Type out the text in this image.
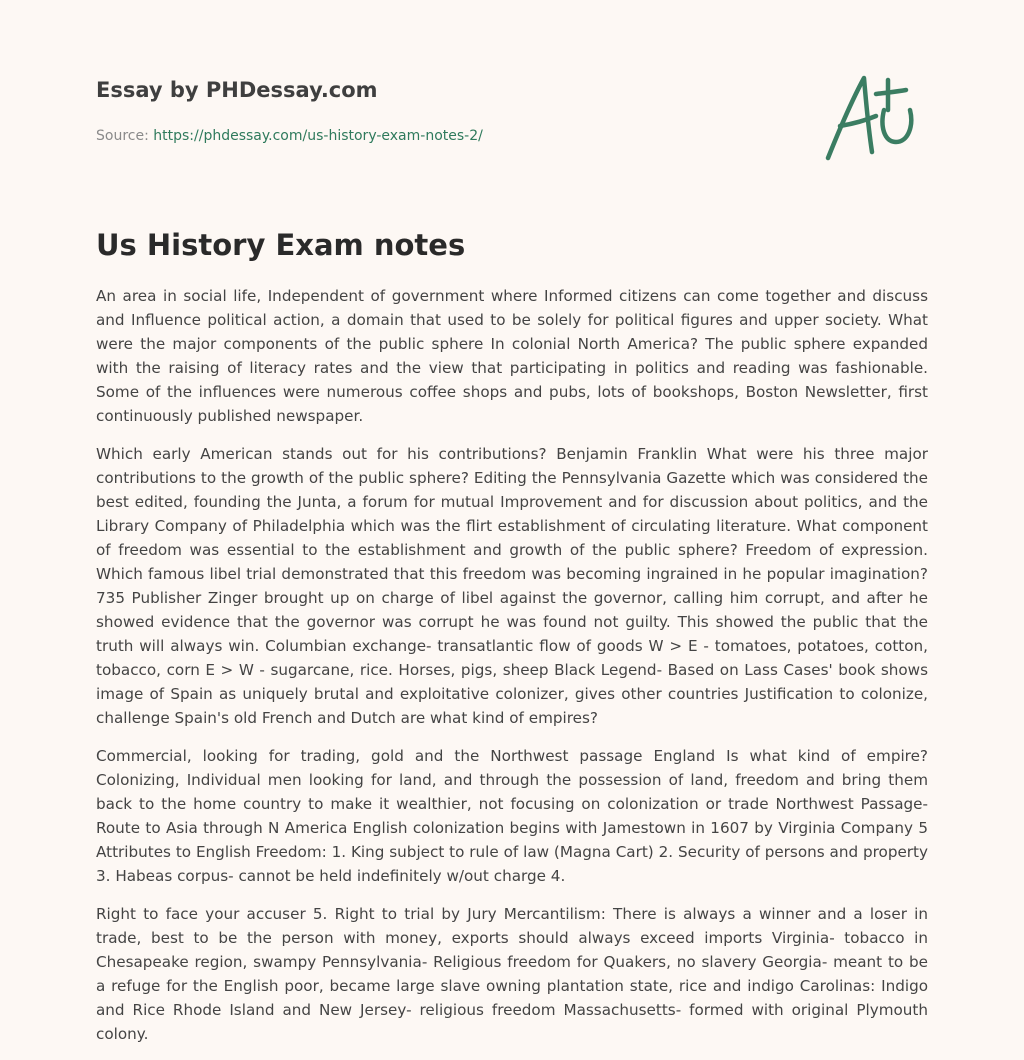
Essay by PHDessay.com
Source: https://phdessay.com/us-history-exam-notes-2/
Us History Exam notes

An area in social life, Independent of government where Informed citizens can come together and discuss and Influence political action, a domain that used to be solely for political figures and upper society. What were the major components of the public sphere In colonial North America? The public sphere expanded with the raising of literacy rates and the view that participating in politics and reading was fashionable. Some of the influences were numerous coffee shops and pubs, lots of bookshops, Boston Newsletter, first continuously published newspaper.

Which early American stands out for his contributions? Benjamin Franklin What were his three major contributions to the growth of the public sphere? Editing the Pennsylvania Gazette which was considered the best edited, founding the Junta, a forum for mutual Improvement and for discussion about politics, and the Library Company of Philadelphia which was the flirt establishment of circulating literature. What component of freedom was essential to the establishment and growth of the public sphere? Freedom of expression. Which famous libel trial demonstrated that this freedom was becoming ingrained in he popular imagination? 735 Publisher Zinger brought up on charge of libel against the governor, calling him corrupt, and after he showed evidence that the governor was corrupt he was found not guilty. This showed the public that the truth will always win. Columbian exchange- transatlantic flow of goods W > E - tomatoes, potatoes, cotton, tobacco, corn E > W - sugarcane, rice. Horses, pigs, sheep Black Legend- Based on Lass Cases' book shows image of Spain as uniquely brutal and exploitative colonizer, gives other countries Justification to colonize, challenge Spain's old French and Dutch are what kind of empires?

Commercial, looking for trading, gold and the Northwest passage England Is what kind of empire? Colonizing, Individual men looking for land, and through the possession of land, freedom and bring them back to the home country to make it wealthier, not focusing on colonization or trade Northwest Passage- Route to Asia through N America English colonization begins with Jamestown in 1607 by Virginia Company 5 Attributes to English Freedom: 1. King subject to rule of law (Magna Cart) 2. Security of persons and property 3. Habeas corpus- cannot be held indefinitely w/out charge 4.

Right to face your accuser 5. Right to trial by Jury Mercantilism: There is always a winner and a loser in trade, best to be the person with money, exports should always exceed imports Virginia- tobacco in Chesapeake region, swampy Pennsylvania- Religious freedom for Quakers, no slavery Georgia- meant to be a refuge for the English poor, became large slave owning plantation state, rice and indigo Carolinas: Indigo and Rice Rhode Island and New Jersey- religious freedom Massachusetts- formed with original Plymouth colony.
